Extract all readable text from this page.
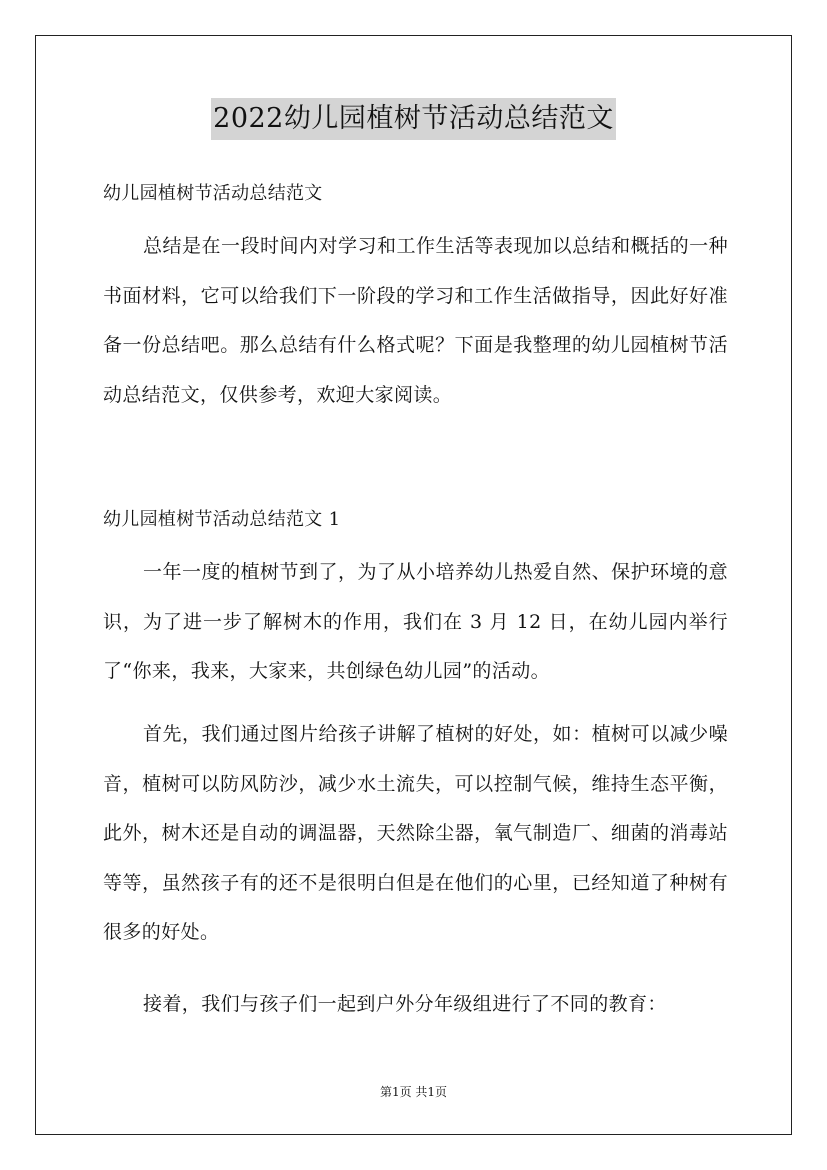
2022幼儿园植树节活动总结范文

幼儿园植树节活动总结范文

总结是在一段时间内对学习和工作生活等表现加以总结和概括的一种书面材料，它可以给我们下一阶段的学习和工作生活做指导，因此好好准备一份总结吧。那么总结有什么格式呢？下面是我整理的幼儿园植树节活动总结范文，仅供参考，欢迎大家阅读。

幼儿园植树节活动总结范文 1

一年一度的植树节到了，为了从小培养幼儿热爱自然、保护环境的意识，为了进一步了解树木的作用，我们在 3 月 12 日，在幼儿园内举行了“你来，我来，大家来，共创绿色幼儿园”的活动。

首先，我们通过图片给孩子讲解了植树的好处，如：植树可以减少噪音，植树可以防风防沙，减少水土流失，可以控制气候，维持生态平衡，此外，树木还是自动的调温器，天然除尘器，氧气制造厂、细菌的消毒站等等，虽然孩子有的还不是很明白但是在他们的心里，已经知道了种树有很多的好处。

接着，我们与孩子们一起到户外分年级组进行了不同的教育：

第1页 共1页
